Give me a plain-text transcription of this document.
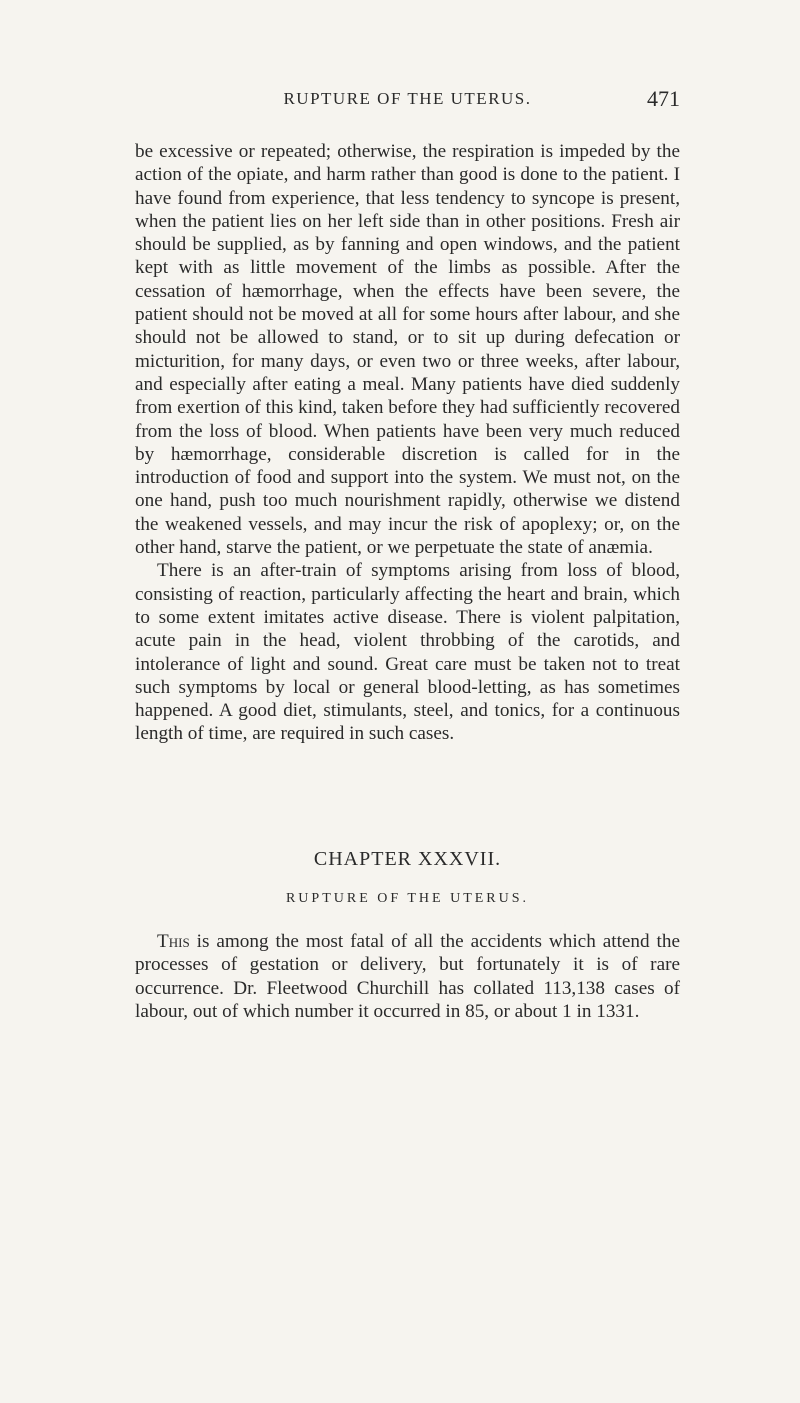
RUPTURE OF THE UTERUS.	471

be excessive or repeated; otherwise, the respiration is impeded by the action of the opiate, and harm rather than good is done to the patient. I have found from experience, that less tendency to syncope is present, when the patient lies on her left side than in other positions. Fresh air should be supplied, as by fanning and open windows, and the patient kept with as little movement of the limbs as possible. After the cessation of hæmorrhage, when the effects have been severe, the patient should not be moved at all for some hours after labour, and she should not be allowed to stand, or to sit up during defecation or micturition, for many days, or even two or three weeks, after labour, and especially after eating a meal. Many patients have died suddenly from exertion of this kind, taken before they had sufficiently recovered from the loss of blood. When patients have been very much reduced by hæmorrhage, considerable discretion is called for in the introduction of food and support into the system. We must not, on the one hand, push too much nourishment rapidly, otherwise we distend the weakened vessels, and may incur the risk of apoplexy; or, on the other hand, starve the patient, or we perpetuate the state of anæmia.

There is an after-train of symptoms arising from loss of blood, consisting of reaction, particularly affecting the heart and brain, which to some extent imitates active disease. There is violent palpitation, acute pain in the head, violent throbbing of the carotids, and intolerance of light and sound. Great care must be taken not to treat such symptoms by local or general blood-letting, as has sometimes happened. A good diet, stimulants, steel, and tonics, for a continuous length of time, are required in such cases.

CHAPTER XXXVII.
RUPTURE OF THE UTERUS.

This is among the most fatal of all the accidents which attend the processes of gestation or delivery, but fortunately it is of rare occurrence. Dr. Fleetwood Churchill has collated 113,138 cases of labour, out of which number it occurred in 85, or about 1 in 1331.
